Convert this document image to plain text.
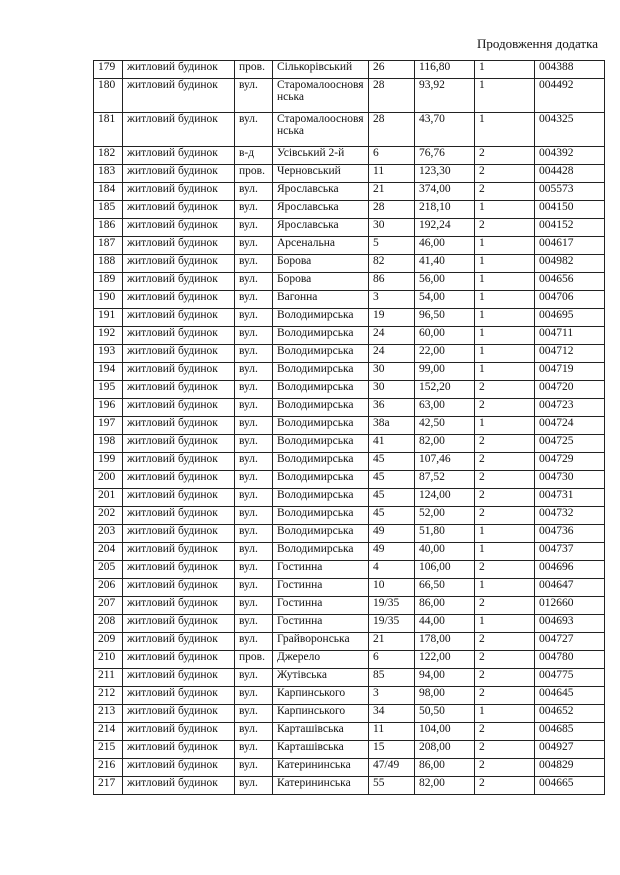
Продовження додатка
179	житловий будинок	пров.	Сількорівський	26	116,80	1	004388
180	житловий будинок	вул.	Старомалоосновя нська	28	93,92	1	004492
181	житловий будинок	вул.	Старомалоосновя нська	28	43,70	1	004325
182	житловий будинок	в-д	Усівський 2-й	6	76,76	2	004392
183	житловий будинок	пров.	Черновський	11	123,30	2	004428
184	житловий будинок	вул.	Ярославська	21	374,00	2	005573
185	житловий будинок	вул.	Ярославська	28	218,10	1	004150
186	житловий будинок	вул.	Ярославська	30	192,24	2	004152
187	житловий будинок	вул.	Арсенальна	5	46,00	1	004617
188	житловий будинок	вул.	Борова	82	41,40	1	004982
189	житловий будинок	вул.	Борова	86	56,00	1	004656
190	житловий будинок	вул.	Вагонна	3	54,00	1	004706
191	житловий будинок	вул.	Володимирська	19	96,50	1	004695
192	житловий будинок	вул.	Володимирська	24	60,00	1	004711
193	житловий будинок	вул.	Володимирська	24	22,00	1	004712
194	житловий будинок	вул.	Володимирська	30	99,00	1	004719
195	житловий будинок	вул.	Володимирська	30	152,20	2	004720
196	житловий будинок	вул.	Володимирська	36	63,00	2	004723
197	житловий будинок	вул.	Володимирська	38а	42,50	1	004724
198	житловий будинок	вул.	Володимирська	41	82,00	2	004725
199	житловий будинок	вул.	Володимирська	45	107,46	2	004729
200	житловий будинок	вул.	Володимирська	45	87,52	2	004730
201	житловий будинок	вул.	Володимирська	45	124,00	2	004731
202	житловий будинок	вул.	Володимирська	45	52,00	2	004732
203	житловий будинок	вул.	Володимирська	49	51,80	1	004736
204	житловий будинок	вул.	Володимирська	49	40,00	1	004737
205	житловий будинок	вул.	Гостинна	4	106,00	2	004696
206	житловий будинок	вул.	Гостинна	10	66,50	1	004647
207	житловий будинок	вул.	Гостинна	19/35	86,00	2	012660
208	житловий будинок	вул.	Гостинна	19/35	44,00	1	004693
209	житловий будинок	вул.	Грайворонська	21	178,00	2	004727
210	житловий будинок	пров.	Джерело	6	122,00	2	004780
211	житловий будинок	вул.	Жутівська	85	94,00	2	004775
212	житловий будинок	вул.	Карпинського	3	98,00	2	004645
213	житловий будинок	вул.	Карпинського	34	50,50	1	004652
214	житловий будинок	вул.	Карташівська	11	104,00	2	004685
215	житловий будинок	вул.	Карташівська	15	208,00	2	004927
216	житловий будинок	вул.	Катерининська	47/49	86,00	2	004829
217	житловий будинок	вул.	Катерининська	55	82,00	2	004665
